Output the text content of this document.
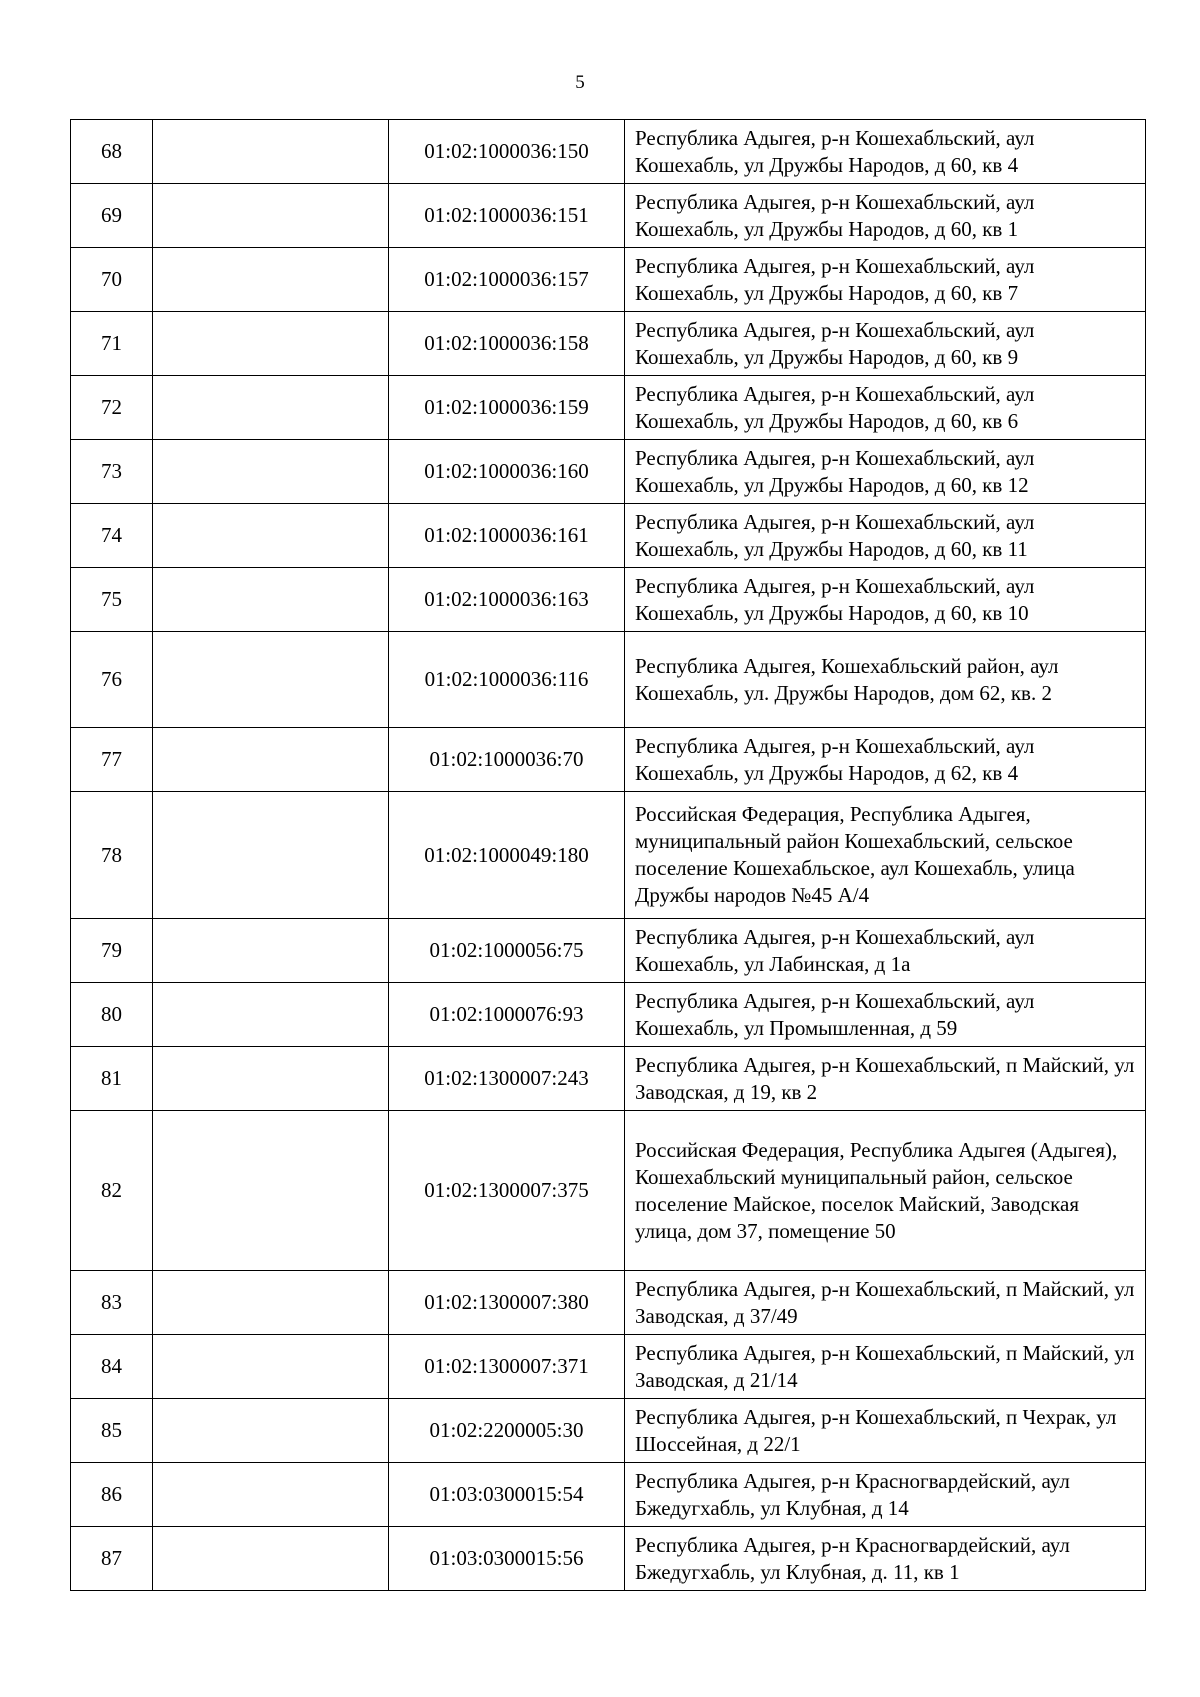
5
68		01:02:1000036:150	Республика Адыгея, р-н Кошехабльский, аул Кошехабль, ул Дружбы Народов, д 60, кв 4
69		01:02:1000036:151	Республика Адыгея, р-н Кошехабльский, аул Кошехабль, ул Дружбы Народов, д 60, кв 1
70		01:02:1000036:157	Республика Адыгея, р-н Кошехабльский, аул Кошехабль, ул Дружбы Народов, д 60, кв 7
71		01:02:1000036:158	Республика Адыгея, р-н Кошехабльский, аул Кошехабль, ул Дружбы Народов, д 60, кв 9
72		01:02:1000036:159	Республика Адыгея, р-н Кошехабльский, аул Кошехабль, ул Дружбы Народов, д 60, кв 6
73		01:02:1000036:160	Республика Адыгея, р-н Кошехабльский, аул Кошехабль, ул Дружбы Народов, д 60, кв 12
74		01:02:1000036:161	Республика Адыгея, р-н Кошехабльский, аул Кошехабль, ул Дружбы Народов, д 60, кв 11
75		01:02:1000036:163	Республика Адыгея, р-н Кошехабльский, аул Кошехабль, ул Дружбы Народов, д 60, кв 10
76		01:02:1000036:116	Республика Адыгея, Кошехабльский район, аул Кошехабль, ул. Дружбы Народов, дом 62, кв. 2
77		01:02:1000036:70	Республика Адыгея, р-н Кошехабльский, аул Кошехабль, ул Дружбы Народов, д 62, кв 4
78		01:02:1000049:180	Российская Федерация, Республика Адыгея, муниципальный район Кошехабльский, сельское поселение Кошехабльское, аул Кошехабль, улица Дружбы народов №45 А/4
79		01:02:1000056:75	Республика Адыгея, р-н Кошехабльский, аул Кошехабль, ул Лабинская, д 1а
80		01:02:1000076:93	Республика Адыгея, р-н Кошехабльский, аул Кошехабль, ул Промышленная, д 59
81		01:02:1300007:243	Республика Адыгея, р-н Кошехабльский, п Майский, ул Заводская, д 19, кв 2
82		01:02:1300007:375	Российская Федерация, Республика Адыгея (Адыгея), Кошехабльский муниципальный район, сельское поселение Майское, поселок Майский, Заводская улица, дом 37, помещение 50
83		01:02:1300007:380	Республика Адыгея, р-н Кошехабльский, п Майский, ул Заводская, д 37/49
84		01:02:1300007:371	Республика Адыгея, р-н Кошехабльский, п Майский, ул Заводская, д 21/14
85		01:02:2200005:30	Республика Адыгея, р-н Кошехабльский, п Чехрак, ул Шоссейная, д 22/1
86		01:03:0300015:54	Республика Адыгея, р-н Красногвардейский, аул Бжедугхабль, ул Клубная, д 14
87		01:03:0300015:56	Республика Адыгея, р-н Красногвардейский, аул Бжедугхабль, ул Клубная, д. 11, кв 1
